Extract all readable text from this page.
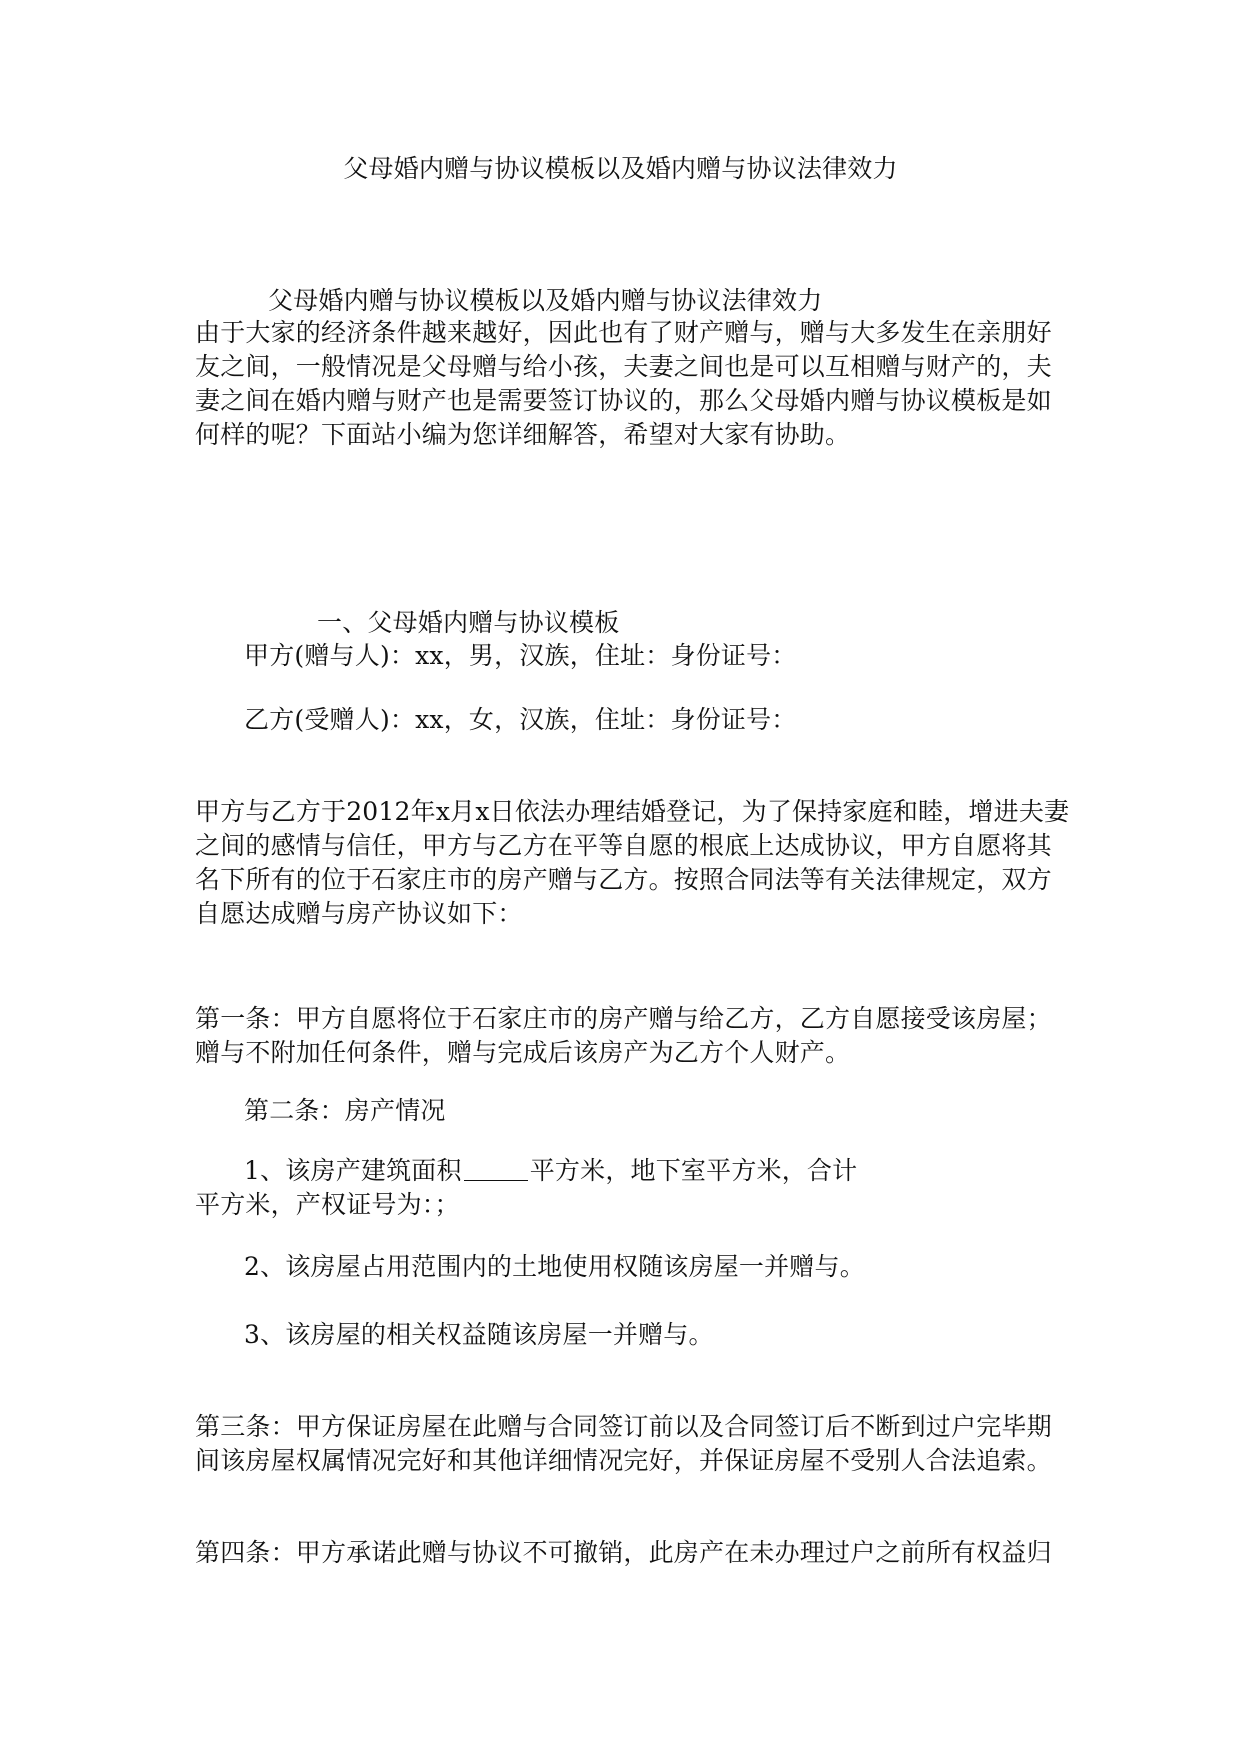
父母婚内赠与协议模板以及婚内赠与协议法律效力
父母婚内赠与协议模板以及婚内赠与协议法律效力
由于大家的经济条件越来越好，因此也有了财产赠与，赠与大多发生在亲朋好
友之间，一般情况是父母赠与给小孩，夫妻之间也是可以互相赠与财产的，夫
妻之间在婚内赠与财产也是需要签订协议的，那么父母婚内赠与协议模板是如
何样的呢？下面站小编为您详细解答，希望对大家有协助。
一、父母婚内赠与协议模板
甲方(赠与人)：xx，男，汉族，住址：身份证号：
乙方(受赠人)：xx，女，汉族，住址：身份证号：
甲方与乙方于2012年x月x日依法办理结婚登记，为了保持家庭和睦，增进夫妻
之间的感情与信任，甲方与乙方在平等自愿的根底上达成协议，甲方自愿将其
名下所有的位于石家庄市的房产赠与乙方。按照合同法等有关法律规定，双方
自愿达成赠与房产协议如下：
第一条：甲方自愿将位于石家庄市的房产赠与给乙方，乙方自愿接受该房屋；
赠与不附加任何条件，赠与完成后该房产为乙方个人财产。
第二条：房产情况
1、该房产建筑面积	平方米，地下室平方米，合计
平方米，产权证号为：；
2、该房屋占用范围内的土地使用权随该房屋一并赠与。
3、该房屋的相关权益随该房屋一并赠与。
第三条：甲方保证房屋在此赠与合同签订前以及合同签订后不断到过户完毕期
间该房屋权属情况完好和其他详细情况完好，并保证房屋不受别人合法追索。
第四条：甲方承诺此赠与协议不可撤销，此房产在未办理过户之前所有权益归
